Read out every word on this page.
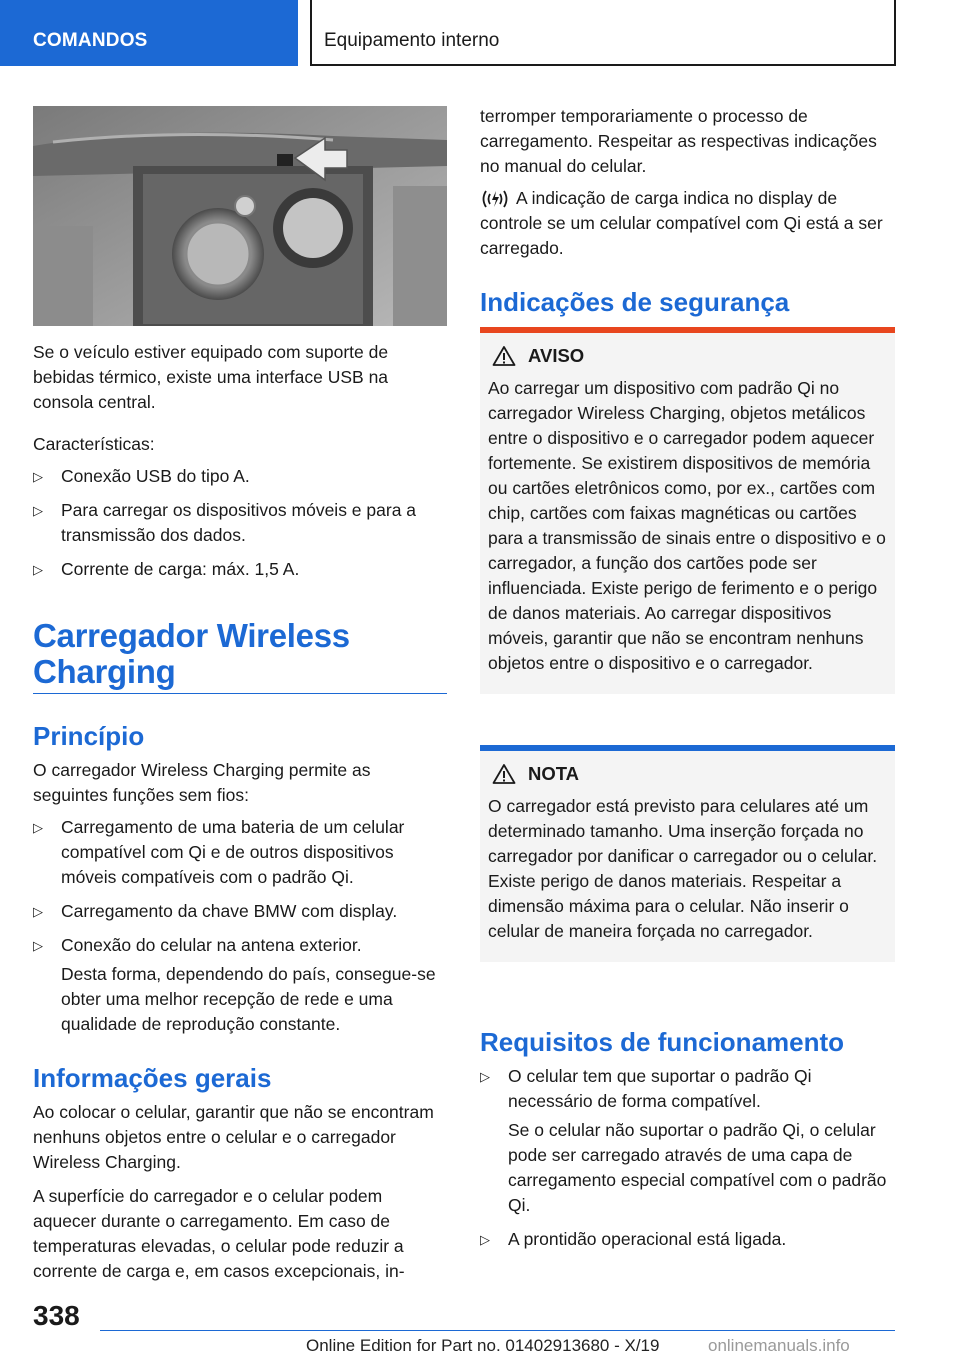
COMANDOS	Equipamento interno

Se o veículo estiver equipado com suporte de bebidas térmico, existe uma interface USB na consola central.

Características:

▷ Conexão USB do tipo A.
▷ Para carregar os dispositivos móveis e para a transmissão dos dados.
▷ Corrente de carga: máx. 1,5 A.
Carregador Wireless
Charging
Princípio

O carregador Wireless Charging permite as seguintes funções sem fios:

▷ Carregamento de uma bateria de um celular compatível com Qi e de outros dispositivos móveis compatíveis com o padrão Qi.
▷ Carregamento da chave BMW com display.
▷ Conexão do celular na antena exterior.
Desta forma, dependendo do país, consegue-se obter uma melhor recepção de rede e uma qualidade de reprodução constante.
Informações gerais

Ao colocar o celular, garantir que não se encontram nenhuns objetos entre o celular e o carregador Wireless Charging.

A superfície do carregador e o celular podem aquecer durante o carregamento. Em caso de temperaturas elevadas, o celular pode reduzir a corrente de carga e, em casos excepcionais, in-

terromper temporariamente o processo de carregamento. Respeitar as respectivas indicações no manual do celular.

A indicação de carga indica no display de controle se um celular compatível com Qi está a ser carregado.

Indicações de segurança
AVISO
Ao carregar um dispositivo com padrão Qi no carregador Wireless Charging, objetos metálicos entre o dispositivo e o carregador podem aquecer fortemente. Se existirem dispositivos de memória ou cartões eletrônicos como, por ex., cartões com chip, cartões com faixas magnéticas ou cartões para a transmissão de sinais entre o dispositivo e o carregador, a função dos cartões pode ser influenciada. Existe perigo de ferimento e o perigo de danos materiais. Ao carregar dispositivos móveis, garantir que não se encontram nenhuns objetos entre o dispositivo e o carregador.
NOTA
O carregador está previsto para celulares até um determinado tamanho. Uma inserção forçada no carregador por danificar o carregador ou o celular. Existe perigo de danos materiais. Respeitar a dimensão máxima para o celular. Não inserir o celular de maneira forçada no carregador.
Requisitos de funcionamento
▷ O celular tem que suportar o padrão Qi necessário de forma compatível.
Se o celular não suportar o padrão Qi, o celular pode ser carregado através de uma capa de carregamento especial compatível com o padrão Qi.
▷ A prontidão operacional está ligada.
338
Online Edition for Part no. 01402913680 - X/19	onlinemanuals.info
